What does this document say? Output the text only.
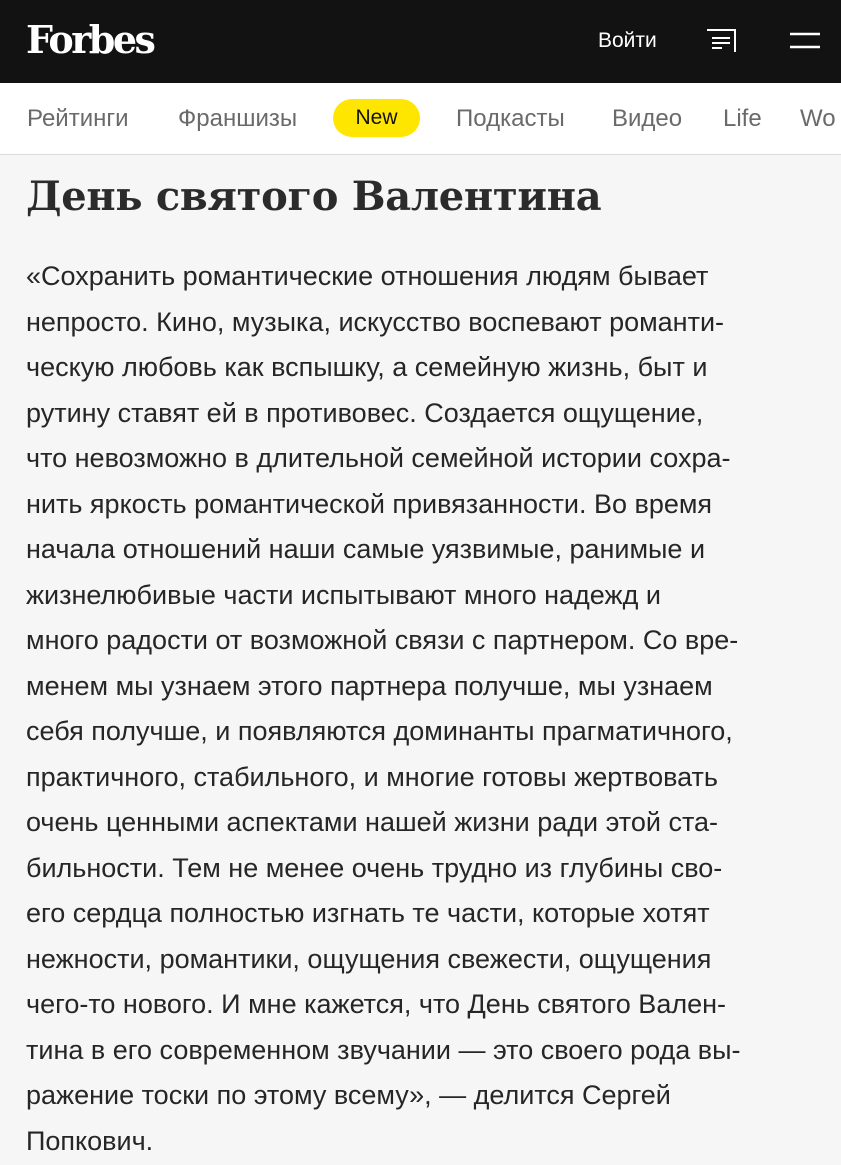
Forbes	Войти
Рейтинги Франшизы	New	Подкасты Видео Life Wo
День святого Валентина

«Сохранить романтические отношения людям бывает
непросто. Кино, музыка, искусство воспевают романти-
ческую любовь как вспышку, а семейную жизнь, быт и
рутину ставят ей в противовес. Создается ощущение,
что невозможно в длительной семейной истории сохра-
нить яркость романтической привязанности. Во время
начала отношений наши самые уязвимые, ранимые и
жизнелюбивые части испытывают много надежд и
много радости от возможной связи с партнером. Со вре-
менем мы узнаем этого партнера получше, мы узнаем
себя получше, и появляются доминанты прагматичного,
практичного, стабильного, и многие готовы жертвовать
очень ценными аспектами нашей жизни ради этой ста-
бильности. Тем не менее очень трудно из глубины сво-
его сердца полностью изгнать те части, которые хотят
нежности, романтики, ощущения свежести, ощущения
чего-то нового. И мне кажется, что День святого Вален-
тина в его современном звучании — это своего рода вы-
ражение тоски по этому всему», — делится Сергей
Попкович.
